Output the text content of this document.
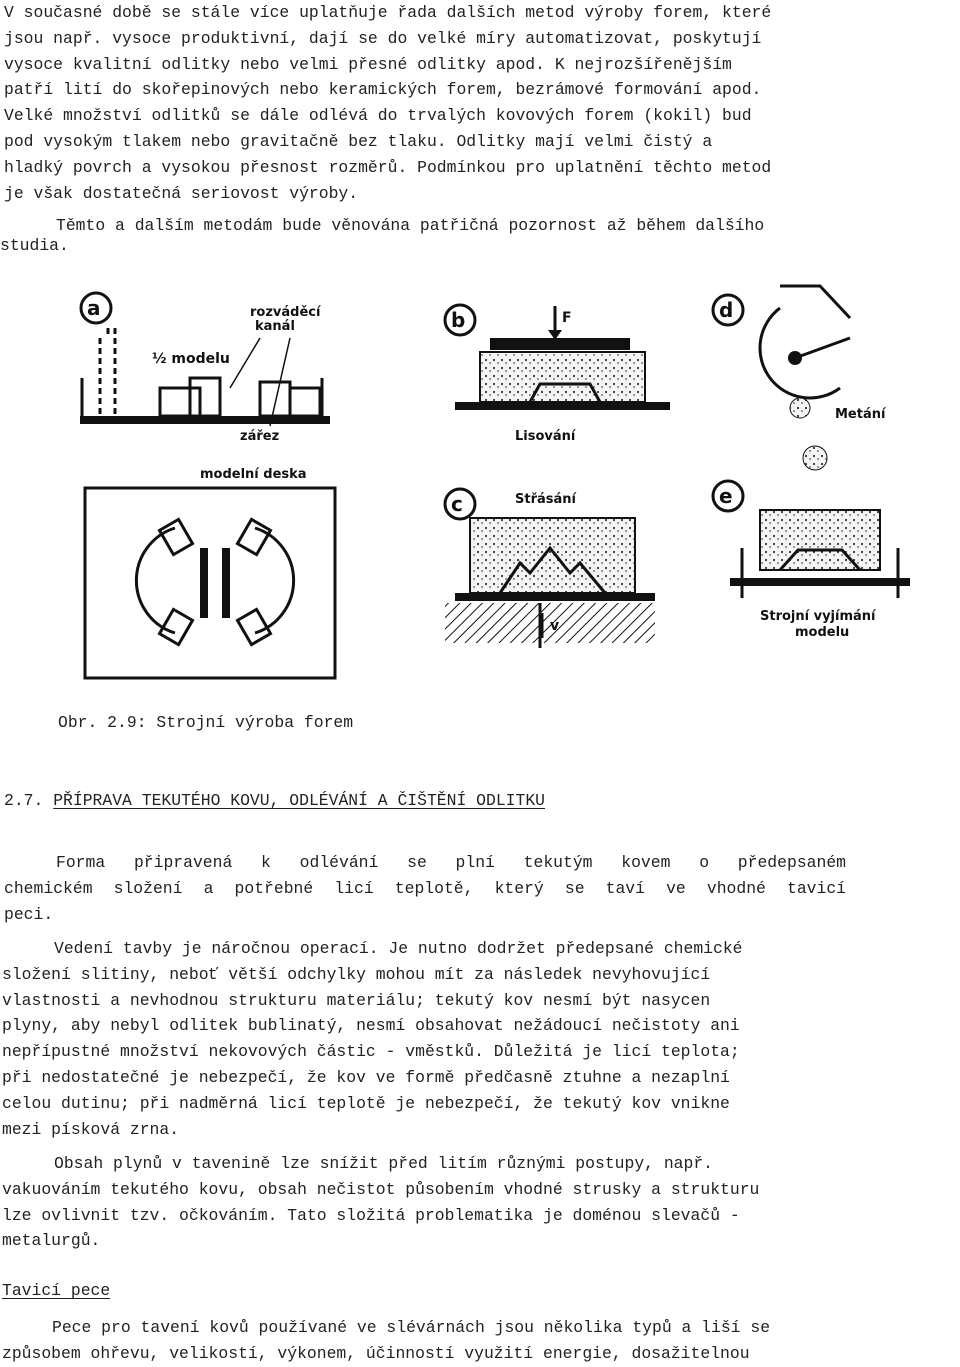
V současné době se stále více uplatňuje řada dalších metod výroby forem, které
jsou např. vysoce produktivní, dají se do velké míry automatizovat, poskytují
vysoce kvalitní odlitky nebo velmi přesné odlitky apod. K nejrozšířenějším
patří lití do skořepinových nebo keramických forem, bezrámové formování apod.
Velké množství odlitků se dále odlévá do trvalých kovových forem (kokil) bud
pod vysokým tlakem nebo gravitačně bez tlaku. Odlitky mají velmi čistý a
hladký povrch a vysokou přesnost rozměrů. Podmínkou pro uplatnění těchto metod
je však dostatečná seriovost výroby.
Těmto a dalším metodám bude věnována patřičná pozornost až během dalšího
studia.
a	rozváděcí
kanál
½ modelu
zářez
modelní deska
b	F
Lisování
c	Střásání
v
d
Metání
e
Strojní vyjímání
modelu
Obr. 2.9: Strojní výroba forem
2.7. PŘÍPRAVA TEKUTÉHO KOVU, ODLÉVÁNÍ A ČIŠTĚNÍ ODLITKU
Forma připravená k odlévání se plní tekutým kovem o předepsaném
chemickém složení a potřebné licí teplotě, který se taví ve vhodné tavicí
peci.
Vedení tavby je náročnou operací. Je nutno dodržet předepsané chemické
složení slitiny, neboť větší odchylky mohou mít za následek nevyhovující
vlastnosti a nevhodnou strukturu materiálu; tekutý kov nesmí být nasycen
plyny, aby nebyl odlitek bublinatý, nesmí obsahovat nežádoucí nečistoty ani
nepřípustné množství nekovových částic - vměstků. Důležitá je licí teplota;
při nedostatečné je nebezpečí, že kov ve formě předčasně ztuhne a nezaplní
celou dutinu; při nadměrná licí teplotě je nebezpečí, že tekutý kov vnikne
mezi písková zrna.
Obsah plynů v tavenině lze snížit před litím různými postupy, např.
vakuováním tekutého kovu, obsah nečistot působením vhodné strusky a strukturu
lze ovlivnit tzv. očkováním. Tato složitá problematika je doménou slevačů -
metalurgů.
Tavicí pece
Pece pro tavení kovů používané ve slévárnách jsou několika typů a liší se
způsobem ohřevu, velikostí, výkonem, účinností využití energie, dosažitelnou
